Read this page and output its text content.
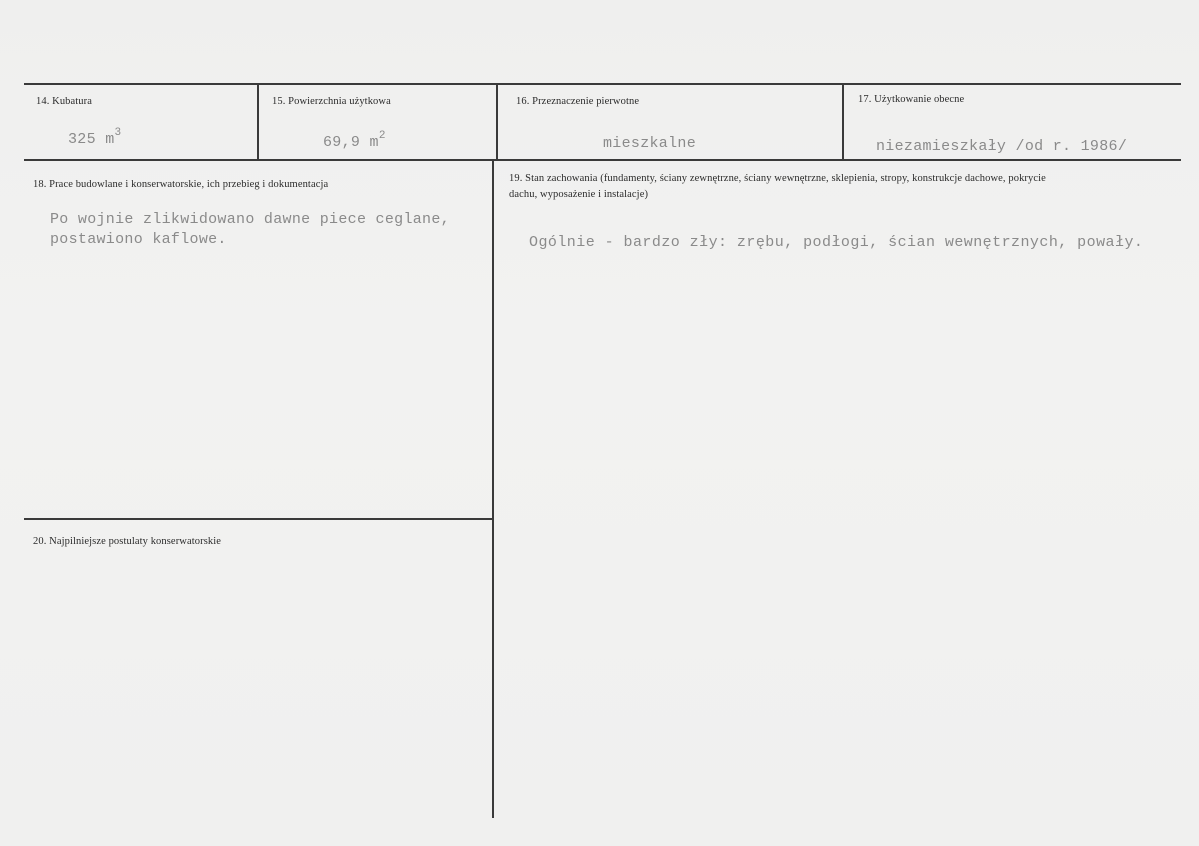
14. Kubatura
325 $m^3$
15. Powierzchnia użytkowa
69,9 $m^2$
16. Przeznaczenie pierwotne
mieszkalne
17. Użytkowanie obecne
niezamieszkały /od r. 1986/
18. Prace budowlane i konserwatorskie, ich przebieg i dokumentacja
Po wojnie zlikwidowano dawne piece ceglane,
postawiono kaflowe.
19. Stan zachowania (fundamenty, ściany zewnętrzne, ściany wewnętrzne, sklepienia, stropy, konstrukcje dachowe, pokrycie dachu, wyposażenie i instalacje)
Ogólnie - bardzo zły: zrębu, podłogi, ścian wewnętrznych, powały.
20. Najpilniejsze postulaty konserwatorskie
